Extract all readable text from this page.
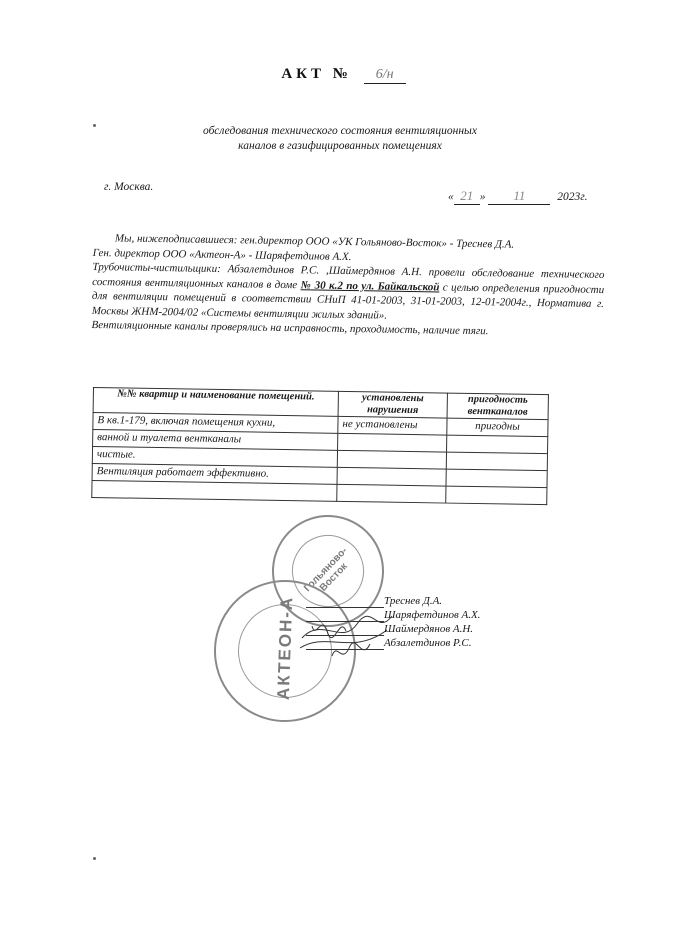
АКТ № 6/н
обследования технического состояния вентиляционных
каналов в газифицированных помещениях
г. Москва.
« 21 » 11	2023г.

Мы, нижеподписавшиеся: ген.директор ООО «УК Гольяново-Восток» - Треснев Д.А.

Ген. директор ООО «Актеон-А» - Шаряфетдинов А.Х.

Трубочисты-чистильщики: Абзалетдинов Р.С. ,Шаймердянов А.Н. провели обследование технического состояния вентиляционных каналов в доме № 30 к.2 по ул. Байкальской с целью определения пригодности для вентиляции помещений в соответствии СНиП 41-01-2003, 31-01-2003, 12-01-2004г., Норматива г. Москвы ЖНМ-2004/02 «Системы вентиляции жилых зданий».

Вентиляционные каналы проверялись на исправность, проходимость, наличие тяги.

№№ квартир и наименование помещений.	установлены нарушения	пригодность вентканалов
В кв.1-179, включая помещения кухни,	не установлены	пригодны
ванной и туалета вентканалы		
чистые.		
Вентиляция работает эффективно.		

Гольяново-Восток
АКТЕОН-А	Треснев Д.А.
Шаряфетдинов А.Х.
Шаймердянов А.Н.
Абзалетдинов Р.С.
